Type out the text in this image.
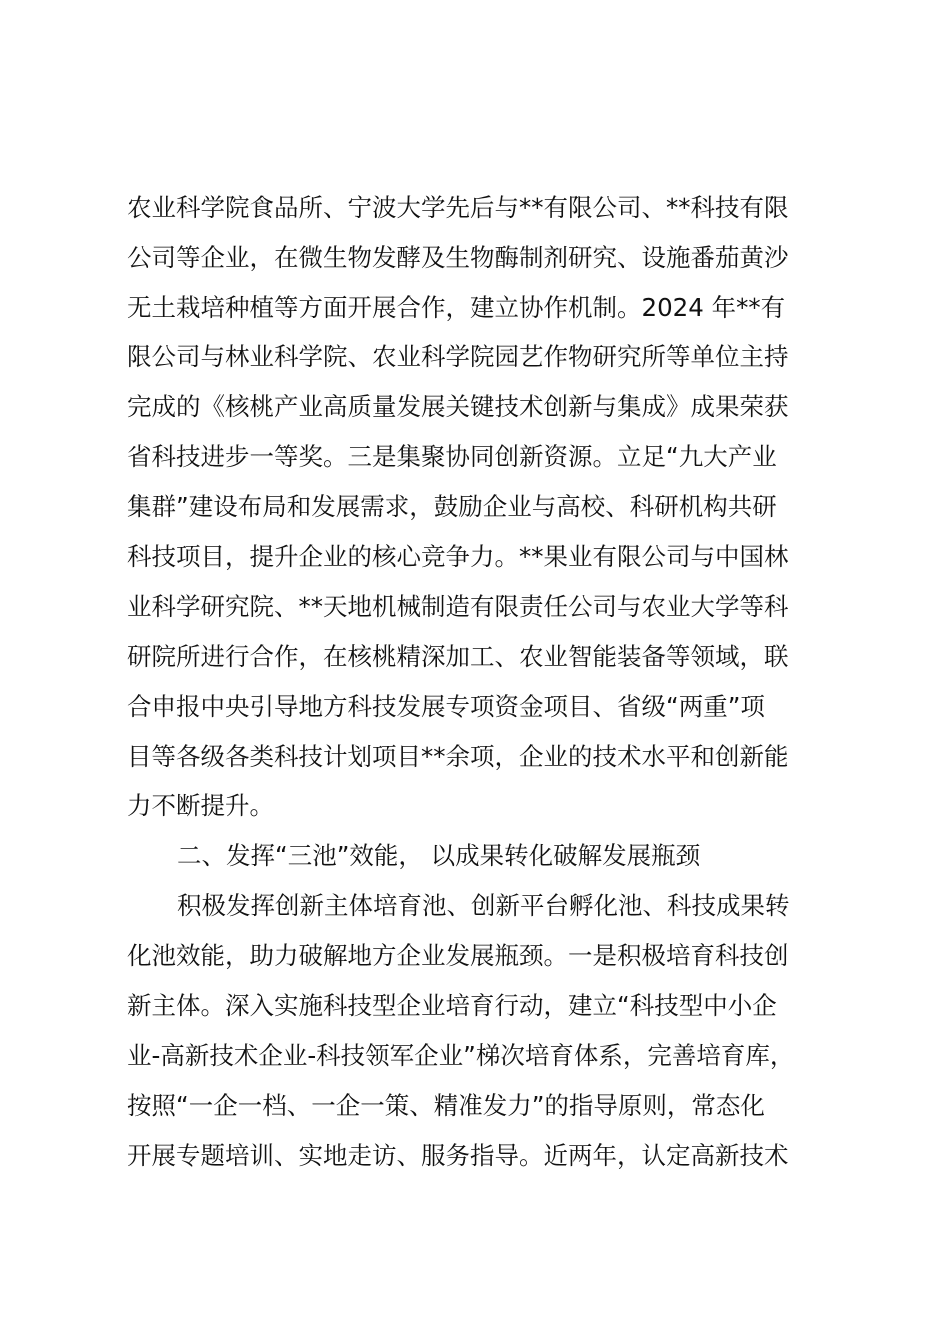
农业科学院食品所、宁波大学先后与**有限公司、**科技有限
公司等企业，在微生物发酵及生物酶制剂研究、设施番茄黄沙
无土栽培种植等方面开展合作，建立协作机制。2024 年**有
限公司与林业科学院、农业科学院园艺作物研究所等单位主持
完成的《核桃产业高质量发展关键技术创新与集成》成果荣获
省科技进步一等奖。三是集聚协同创新资源。立足“九大产业
集群”建设布局和发展需求，鼓励企业与高校、科研机构共研
科技项目，提升企业的核心竞争力。**果业有限公司与中国林
业科学研究院、**天地机械制造有限责任公司与农业大学等科
研院所进行合作，在核桃精深加工、农业智能装备等领域，联
合申报中央引导地方科技发展专项资金项目、省级“两重”项
目等各级各类科技计划项目**余项，企业的技术水平和创新能
力不断提升。
二、发挥“三池”效能， 以成果转化破解发展瓶颈
积极发挥创新主体培育池、创新平台孵化池、科技成果转
化池效能，助力破解地方企业发展瓶颈。一是积极培育科技创
新主体。深入实施科技型企业培育行动，建立“科技型中小企
业-高新技术企业-科技领军企业”梯次培育体系，完善培育库，
按照“一企一档、一企一策、精准发力”的指导原则，常态化
开展专题培训、实地走访、服务指导。近两年，认定高新技术
